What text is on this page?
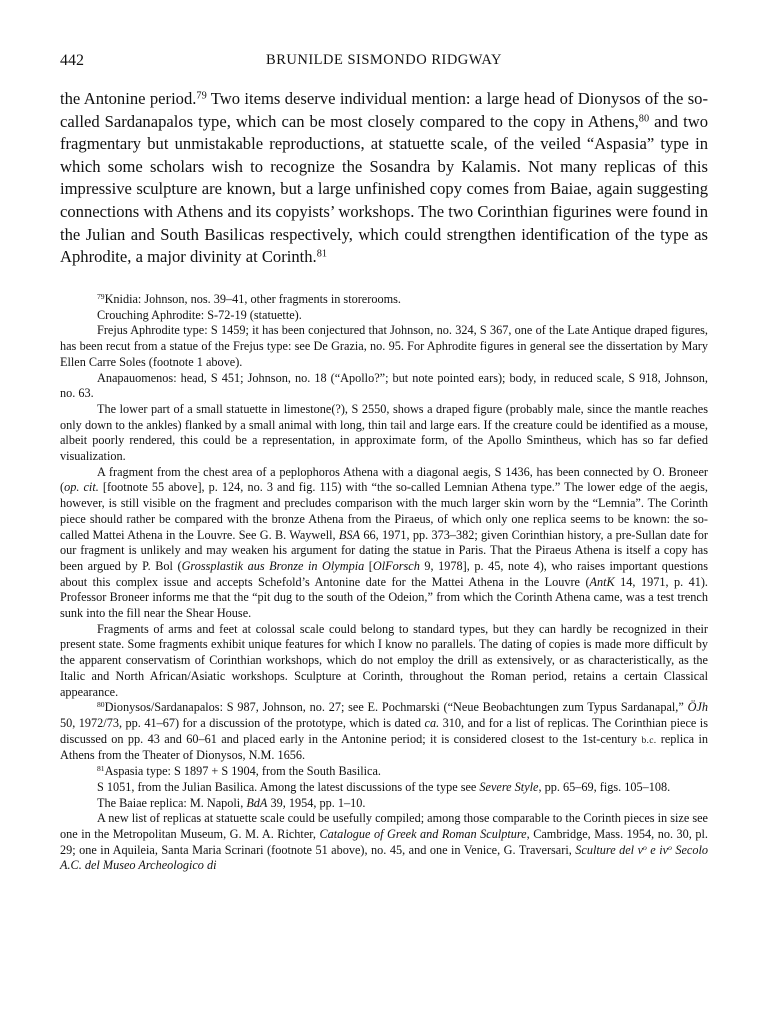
442	BRUNILDE SISMONDO RIDGWAY

the Antonine period.$^{79}$ Two items deserve individual mention: a large head of Dionysos of the so-called Sardanapalos type, which can be most closely compared to the copy in Athens,$^{80}$ and two fragmentary but unmistakable reproductions, at statuette scale, of the veiled “Aspasia” type in which some scholars wish to recognize the Sosandra by Kalamis. Not many replicas of this impressive sculpture are known, but a large unfinished copy comes from Baiae, again suggesting connections with Athens and its copyists’ workshops. The two Corinthian figurines were found in the Julian and South Basilicas respectively, which could strengthen identification of the type as Aphrodite, a major divinity at Corinth.$^{81}$

$^{79}$Knidia: Johnson, nos. 39–41, other fragments in storerooms.

Crouching Aphrodite: S-72-19 (statuette).

Frejus Aphrodite type: S 1459; it has been conjectured that Johnson, no. 324, S 367, one of the Late Antique draped figures, has been recut from a statue of the Frejus type: see De Grazia, no. 95. For Aphrodite figures in general see the dissertation by Mary Ellen Carre Soles (footnote 1 above).

Anapauomenos: head, S 451; Johnson, no. 18 (“Apollo?”; but note pointed ears); body, in reduced scale, S 918, Johnson, no. 63.

The lower part of a small statuette in limestone(?), S 2550, shows a draped figure (probably male, since the mantle reaches only down to the ankles) flanked by a small animal with long, thin tail and large ears. If the creature could be identified as a mouse, albeit poorly rendered, this could be a representation, in approximate form, of the Apollo Smintheus, which has so far defied visualization.

A fragment from the chest area of a peplophoros Athena with a diagonal aegis, S 1436, has been connected by O. Broneer (op. cit. [footnote 55 above], p. 124, no. 3 and fig. 115) with “the so-called Lemnian Athena type.” The lower edge of the aegis, however, is still visible on the fragment and precludes comparison with the much larger skin worn by the “Lemnia”. The Corinth piece should rather be compared with the bronze Athena from the Piraeus, of which only one replica seems to be known: the so-called Mattei Athena in the Louvre. See G. B. Waywell, BSA 66, 1971, pp. 373–382; given Corinthian history, a pre-Sullan date for our fragment is unlikely and may weaken his argument for dating the statue in Paris. That the Piraeus Athena is itself a copy has been argued by P. Bol (Grossplastik aus Bronze in Olympia [OlForsch 9, 1978], p. 45, note 4), who raises important questions about this complex issue and accepts Schefold’s Antonine date for the Mattei Athena in the Louvre (AntK 14, 1971, p. 41). Professor Broneer informs me that the “pit dug to the south of the Odeion,” from which the Corinth Athena came, was a test trench sunk into the fill near the Shear House.

Fragments of arms and feet at colossal scale could belong to standard types, but they can hardly be recognized in their present state. Some fragments exhibit unique features for which I know no parallels. The dating of copies is made more difficult by the apparent conservatism of Corinthian workshops, which do not employ the drill as extensively, or as characteristically, as the Italic and North African/Asiatic workshops. Sculpture at Corinth, throughout the Roman period, retains a certain Classical appearance.

$^{80}$Dionysos/Sardanapalos: S 987, Johnson, no. 27; see E. Pochmarski (“Neue Beobachtungen zum Typus Sardanapal,” ÖJh 50, 1972/73, pp. 41–67) for a discussion of the prototype, which is dated ca. 310, and for a list of replicas. The Corinthian piece is discussed on pp. 43 and 60–61 and placed early in the Antonine period; it is considered closest to the 1st-century b.c. replica in Athens from the Theater of Dionysos, N.M. 1656.

$^{81}$Aspasia type: S 1897 + S 1904, from the South Basilica.

S 1051, from the Julian Basilica. Among the latest discussions of the type see Severe Style, pp. 65–69, figs. 105–108.

The Baiae replica: M. Napoli, BdA 39, 1954, pp. 1–10.

A new list of replicas at statuette scale could be usefully compiled; among those comparable to the Corinth pieces in size see one in the Metropolitan Museum, G. M. A. Richter, Catalogue of Greek and Roman Sculpture, Cambridge, Mass. 1954, no. 30, pl. 29; one in Aquileia, Santa Maria Scrinari (footnote 51 above), no. 45, and one in Venice, G. Traversari, Sculture del $v^o$ e $iv^o$ Secolo A.C. del Museo Archeologico di
